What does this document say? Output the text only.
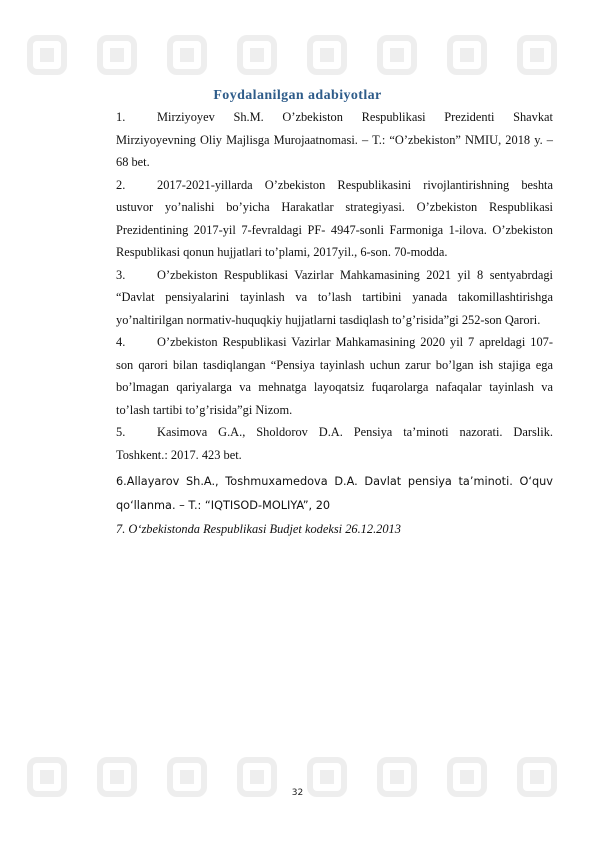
Foydalanilgan adabiyotlar

1.	Mirziyoyev Sh.M. O’zbekiston Respublikasi Prezidenti Shavkat Mirziyoyevning Oliy Majlisga Murojaatnomasi. – T.: “O’zbekiston” NMIU, 2018 y. – 68 bet.

2.	2017-2021-yillarda O’zbekiston Respublikasini rivojlantirishning beshta ustuvor yo’nalishi bo’yicha Harakatlar strategiyasi. O’zbekiston Respublikasi Prezidentining 2017-yil 7-fevraldagi PF- 4947-sonli Farmoniga 1-ilova. O’zbekiston Respublikasi qonun hujjatlari to’plami, 2017yil., 6-son. 70-modda.

3.	O’zbekiston Respublikasi Vazirlar Mahkamasining 2021 yil 8 sentyabrdagi “Davlat pensiyalarini tayinlash va to’lash tartibini yanada takomillashtirishga yo’naltirilgan normativ-huquqkiy hujjatlarni tasdiqlash to’g’risida”gi 252-son Qarori.

4.	O’zbekiston Respublikasi Vazirlar Mahkamasining 2020 yil 7 apreldagi 107-son qarori bilan tasdiqlangan “Pensiya tayinlash uchun zarur bo’lgan ish stajiga ega bo’lmagan qariyalarga va mehnatga layoqatsiz fuqarolarga nafaqalar tayinlash va to’lash tartibi to’g’risida”gi Nizom.

5.	Kasimova G.A., Sholdorov D.A. Pensiya ta’minoti nazorati. Darslik. Toshkent.: 2017. 423 bet.

6.Allayarov Sh.A., Toshmuxamedova D.A. Davlat pensiya ta’minoti. O‘quv qo‘llanma. – T.: “IQTISOD-MOLIYA”, 20

7. O‘zbekistonda Respublikasi Budjet kodeksi 26.12.2013

32
